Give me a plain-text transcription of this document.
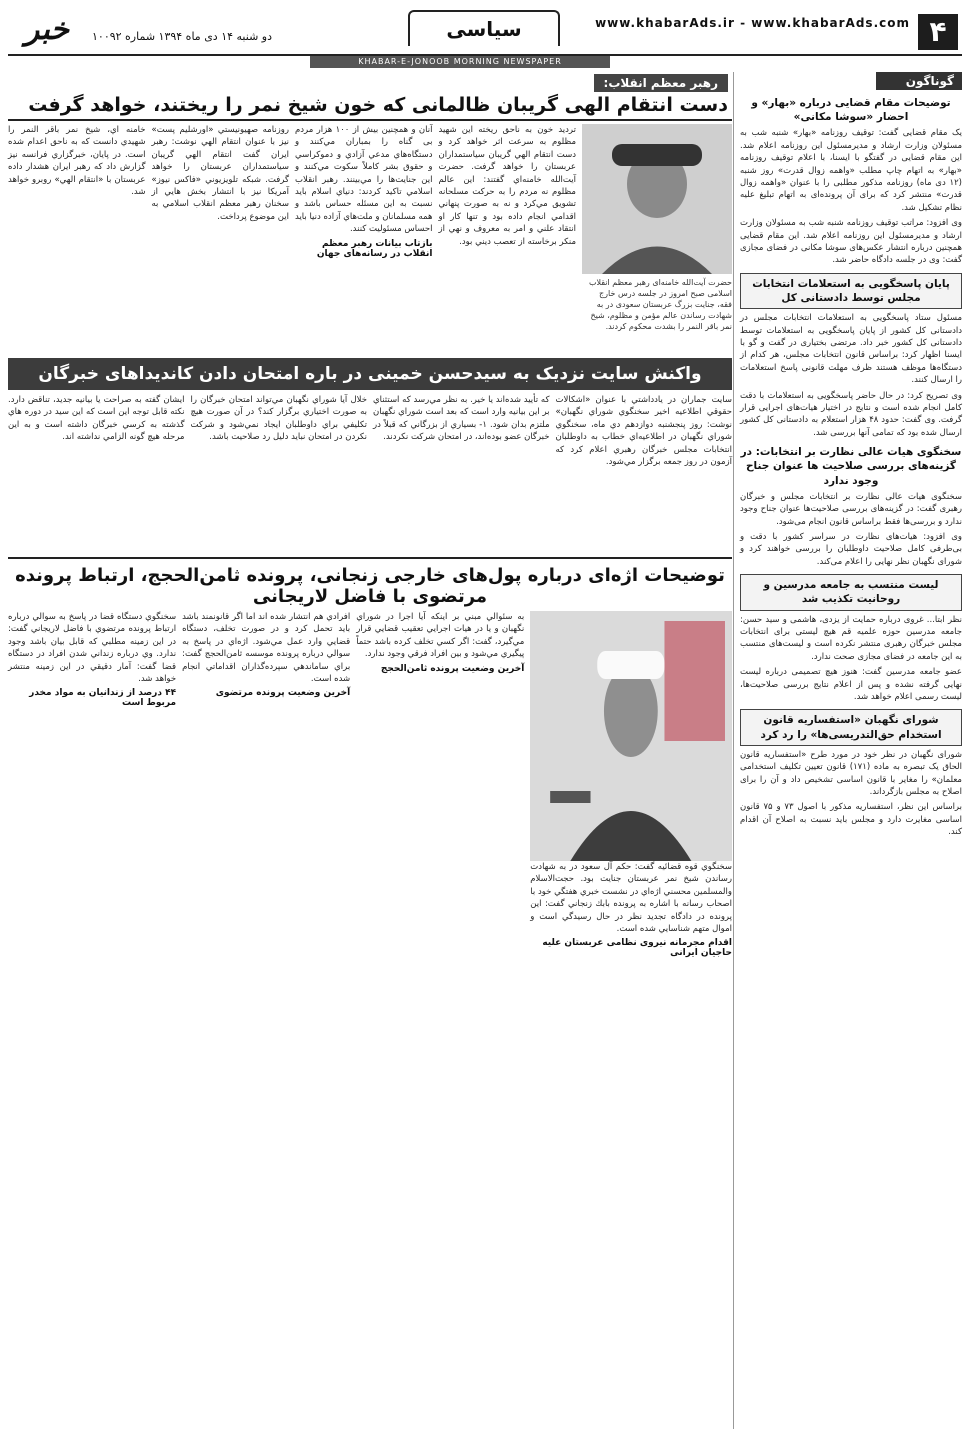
۴
www.khabarAds.ir - www.khabarAds.com
سیاسی
دو شنبه ۱۴ دی ماه ۱۳۹۴ شماره ۱۰۰۹۲
خبر
KHABAR-E-JONOOB MORNING NEWSPAPER
گوناگون
توضیحات مقام قضایی درباره «بهار» و احضار «سوشا مکانی»

یک مقام قضایی گفت: توقیف روزنامه «بهار» شنبه شب به مسئولان وزارت ارشاد و مدیرمسئول این روزنامه اعلام شد. این مقام قضایی در گفتگو با ایسنا، با اعلام توقیف روزنامه «بهار» به اتهام چاپ مطلب «واهمه زوال قدرت» روز شنبه (۱۲ دی ماه) روزنامه مذکور مطلبی را با عنوان «واهمه زوال قدرت» منتشر کرد که برای آن پرونده‌ای به اتهام تبلیغ علیه نظام تشکیل شد.

وی افزود: مراتب توقیف روزنامه شنبه شب به مسئولان وزارت ارشاد و مدیرمسئول این روزنامه اعلام شد. این مقام قضایی همچنین درباره انتشار عکس‌های سوشا مکانی در فضای مجازی گفت: وی در جلسه دادگاه حاضر شد.

پایان پاسخگویی به استعلامات انتخابات مجلس توسط دادستانی کل

مسئول ستاد پاسخگویی به استعلامات انتخابات مجلس در دادستانی کل کشور از پایان پاسخگویی به استعلامات توسط دادستانی کل کشور خبر داد. مرتضی بختیاری در گفت و گو با ایسنا اظهار کرد: براساس قانون انتخابات مجلس، هر کدام از دستگاه‌ها موظف هستند ظرف مهلت قانونی پاسخ استعلامات را ارسال کنند.

وی تصریح کرد: در حال حاضر پاسخگویی به استعلامات با دقت کامل انجام شده است و نتایج در اختیار هیات‌های اجرایی قرار گرفت. وی گفت: حدود ۴۸ هزار استعلام به دادستانی کل کشور ارسال شده بود که تمامی آنها بررسی شد.

سخنگوی هیات عالی نظارت بر انتخابات: در گزینه‌های بررسی صلاحیت ها عنوان جناح وجود ندارد

سخنگوی هیات عالی نظارت بر انتخابات مجلس و خبرگان رهبری گفت: در گزینه‌های بررسی صلاحیت‌ها عنوان جناح وجود ندارد و بررسی‌ها فقط براساس قانون انجام می‌شود.

وی افزود: هیات‌های نظارت در سراسر کشور با دقت و بی‌طرفی کامل صلاحیت داوطلبان را بررسی خواهند کرد و شورای نگهبان نظر نهایی را اعلام می‌کند.

لیست منتسب به جامعه مدرسین و روحانیت تکذیب شد

نظر ابتا... غروی درباره حمایت از یزدی، هاشمی و سید حسن: جامعه مدرسین حوزه علمیه قم هیچ لیستی برای انتخابات مجلس خبرگان رهبری منتشر نکرده است و لیست‌های منتسب به این جامعه در فضای مجازی صحت ندارد.

عضو جامعه مدرسین گفت: هنوز هیچ تصمیمی درباره لیست نهایی گرفته نشده و پس از اعلام نتایج بررسی صلاحیت‌ها، لیست رسمی اعلام خواهد شد.

شورای نگهبان «استفساریه قانون استخدام حق‌التدریسی‌ها» را رد کرد

شورای نگهبان در نظر خود در مورد طرح «استفساریه قانون الحاق یک تبصره به ماده (۱۷۱) قانون تعیین تکلیف استخدامی معلمان» را مغایر با قانون اساسی تشخیص داد و آن را برای اصلاح به مجلس بازگرداند.

براساس این نظر، استفساریه مذکور با اصول ۷۳ و ۷۵ قانون اساسی مغایرت دارد و مجلس باید نسبت به اصلاح آن اقدام کند.

رهبر معظم انقلاب:
دست انتقام الهی گریبان ظالمانی که خون شیخ نمر را ریختند، خواهد گرفت
حضرت آیت‌الله خامنه‌ای رهبر معظم انقلاب اسلامی صبح امروز در جلسه درس خارج فقه، جنایت بزرگ عربستان سعودی در به شهادت رساندن عالم مؤمن و مظلوم، شیخ نمر باقر النمر را بشدت محکوم کردند.

ترديد خون به ناحق ريخته اين شهيد مظلوم به سرعت اثر خواهد كرد و دست انتقام الهي گريبان سياستمداران عربستان را خواهد گرفت. حضرت آيت‌الله خامنه‌اي گفتند: اين عالم مظلوم نه مردم را به حركت مسلحانه تشويق مي‌كرد و نه به صورت پنهاني اقدامي انجام داده بود و تنها كار او انتقاد علني و امر به معروف و نهي از منكر برخاسته از تعصب ديني بود.

آنان و همچنين بيش از ۱۰۰ هزار مردم بی گناه را بمباران مي‌كنند و دستگاه‌هاي مدعي آزادي و دموكراسي و حقوق بشر كاملاً سكوت مي‌كنند و اين جنايت‌ها را مي‌بينند. رهبر انقلاب اسلامي تاكيد كردند: دنياي اسلام بايد نسبت به اين مسئله حساس باشد و همه مسلمانان و ملت‌هاي آزاده دنيا بايد احساس مسئوليت كنند.

بازتاب بیانات رهبر معظم انقلاب در رسانه‌های جهان

روزنامه صهيونيستي «اورشليم پست» نيز با عنوان انتقام الهي نوشت: رهبر ايران گفت انتقام الهي گريبان سياستمداران عربستان را خواهد گرفت. شبكه تلويزيوني «فاكس نيوز» آمريكا نيز با انتشار بخش هايي از سخنان رهبر معظم انقلاب اسلامي به اين موضوع پرداخت.

خامنه اي، شيخ نمر باقر النمر را شهيدي دانست كه به ناحق اعدام شده است. در پايان، خبرگزاري فرانسه نيز گزارش داد كه رهبر ايران هشدار داده عربستان با «انتقام الهي» روبرو خواهد شد.

واکنش سایت نزدیک به سیدحسن خمینی در باره امتحان دادن کاندیداهای خبرگان

سايت جماران در يادداشتي با عنوان «اشكالات حقوقي اطلاعيه اخير سخنگوي شوراي نگهبان» نوشت: روز پنجشنبه دوازدهم دي ماه، سخنگوي شوراي نگهبان در اطلاعيه‌اي خطاب به داوطلبان انتخابات مجلس خبرگان رهبري اعلام كرد كه آزمون در روز جمعه برگزار مي‌شود.

كه تأييد شده‌اند يا خير. به نظر مي‌رسد كه استثناي بر اين بيانيه وارد است كه بعد است شوراي نگهبان ملتزم بدان شود. ۱- بسياري از بزرگاني كه قبلاً در خبرگان عضو بوده‌اند، در امتحان شركت نكردند.

خلال آيا شوراي نگهبان مي‌تواند امتحان خبرگان را به صورت اختياري برگزار كند؟ در آن صورت هيچ تكليفي براي داوطلبان ايجاد نمي‌شود و شركت نكردن در امتحان نبايد دليل رد صلاحيت باشد.

ايشان گفته به صراحت يا بيانيه جديد، تناقض دارد. نكته قابل توجه اين است كه اين سيد در دوره هاي گذشته به كرسي خبرگان داشته است و به اين مرحله هيچ گونه الزامي نداشته اند.

توضیحات اژه‌ای درباره پول‌های خارجی زنجانی، پرونده ثامن‌الحجج، ارتباط پرونده مرتضوی با فاضل لاریجانی

سخنگوي قوه قضائيه گفت: حكم آل سعود در به شهادت رساندن شيخ نمر عربستان جنايت بود. حجت‌الاسلام والمسلمين محسني اژه‌اي در نشست خبري هفتگي خود با اصحاب رسانه با اشاره به پرونده بابك زنجاني گفت: اين پرونده در دادگاه تجديد نظر در حال رسيدگي است و اموال متهم شناسايي شده است.

اقدام مجرمانه نیروی نظامی عربستان علیه حاجیان ایرانی

به سئوالي مبني بر اينكه آيا اجرا در شوراي نگهبان و يا در هيات اجرايي تعقيب قضايي قرار مي‌گيرد، گفت: اگر كسي تخلف كرده باشد حتماً پيگيري مي‌شود و بين افراد فرقي وجود ندارد.

آخرین وضعیت پرونده ثامن‌الحجج

افرادي هم انتشار شده اند اما اگر قانونمند باشد بايد تحمل كرد و در صورت تخلف، دستگاه قضايي وارد عمل مي‌شود. اژه‌اي در پاسخ به سوالي درباره پرونده موسسه ثامن‌الحجج گفت: براي ساماندهي سپرده‌گذاران اقداماتي انجام شده است.

آخرین وضعیت پرونده مرتضوی

سخنگوي دستگاه قضا در پاسخ به سوالي درباره ارتباط پرونده مرتضوي با فاضل لاريجاني گفت: در اين زمينه مطلبي كه قابل بيان باشد وجود ندارد. وي درباره زنداني شدن افراد در دستگاه قضا گفت: آمار دقيقي در اين زمينه منتشر خواهد شد.

۴۴ درصد از زندانیان به مواد مخدر مربوط است
